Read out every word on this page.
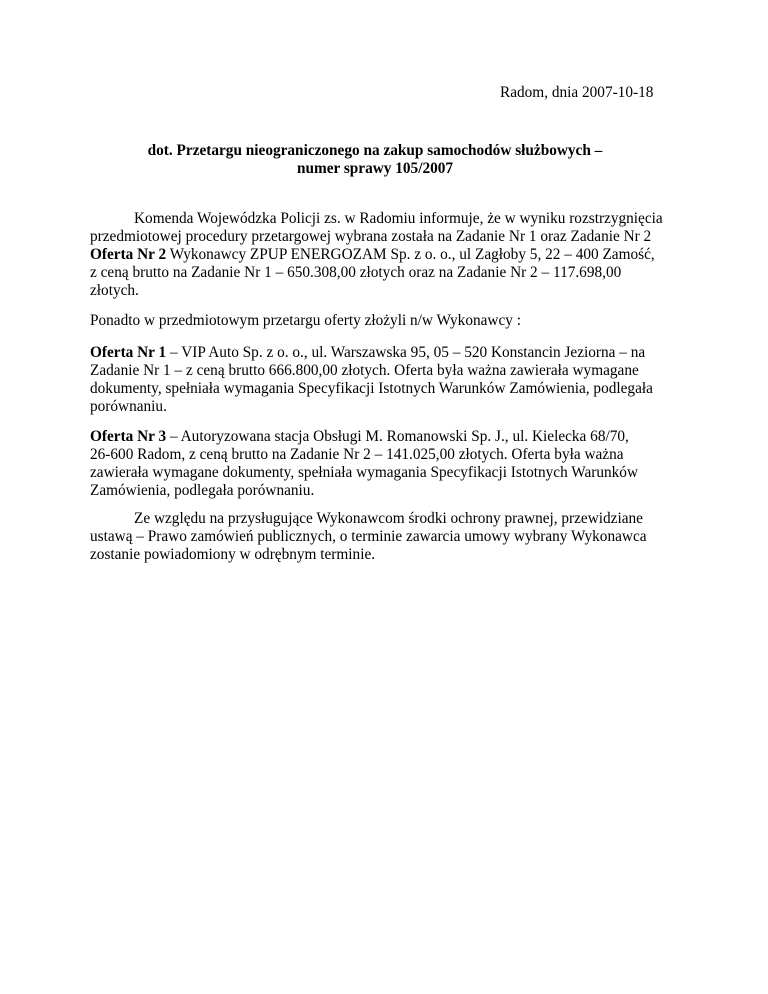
Radom, dnia 2007-10-18
dot. Przetargu nieograniczonego na zakup samochodów służbowych –
numer sprawy 105/2007
Komenda Wojewódzka Policji zs. w Radomiu informuje, że w wyniku rozstrzygnięcia
przedmiotowej procedury przetargowej wybrana została na Zadanie Nr 1 oraz Zadanie Nr 2
Oferta Nr 2 Wykonawcy ZPUP ENERGOZAM Sp. z o. o., ul Zagłoby 5, 22 – 400 Zamość,
z ceną brutto na Zadanie Nr 1 – 650.308,00 złotych oraz na Zadanie Nr 2 – 117.698,00
złotych.
Ponadto w przedmiotowym przetargu oferty złożyli n/w Wykonawcy :
Oferta Nr 1 – VIP Auto Sp. z o. o., ul. Warszawska 95, 05 – 520 Konstancin Jeziorna – na
Zadanie Nr 1 – z ceną brutto 666.800,00 złotych. Oferta była ważna zawierała wymagane
dokumenty, spełniała wymagania Specyfikacji Istotnych Warunków Zamówienia, podlegała
porównaniu.
Oferta Nr 3 – Autoryzowana stacja Obsługi M. Romanowski Sp. J., ul. Kielecka 68/70,
26-600 Radom, z ceną brutto na Zadanie Nr 2 – 141.025,00 złotych. Oferta była ważna
zawierała wymagane dokumenty, spełniała wymagania Specyfikacji Istotnych Warunków
Zamówienia, podlegała porównaniu.
Ze względu na przysługujące Wykonawcom środki ochrony prawnej, przewidziane
ustawą – Prawo zamówień publicznych, o terminie zawarcia umowy wybrany Wykonawca
zostanie powiadomiony w odrębnym terminie.
